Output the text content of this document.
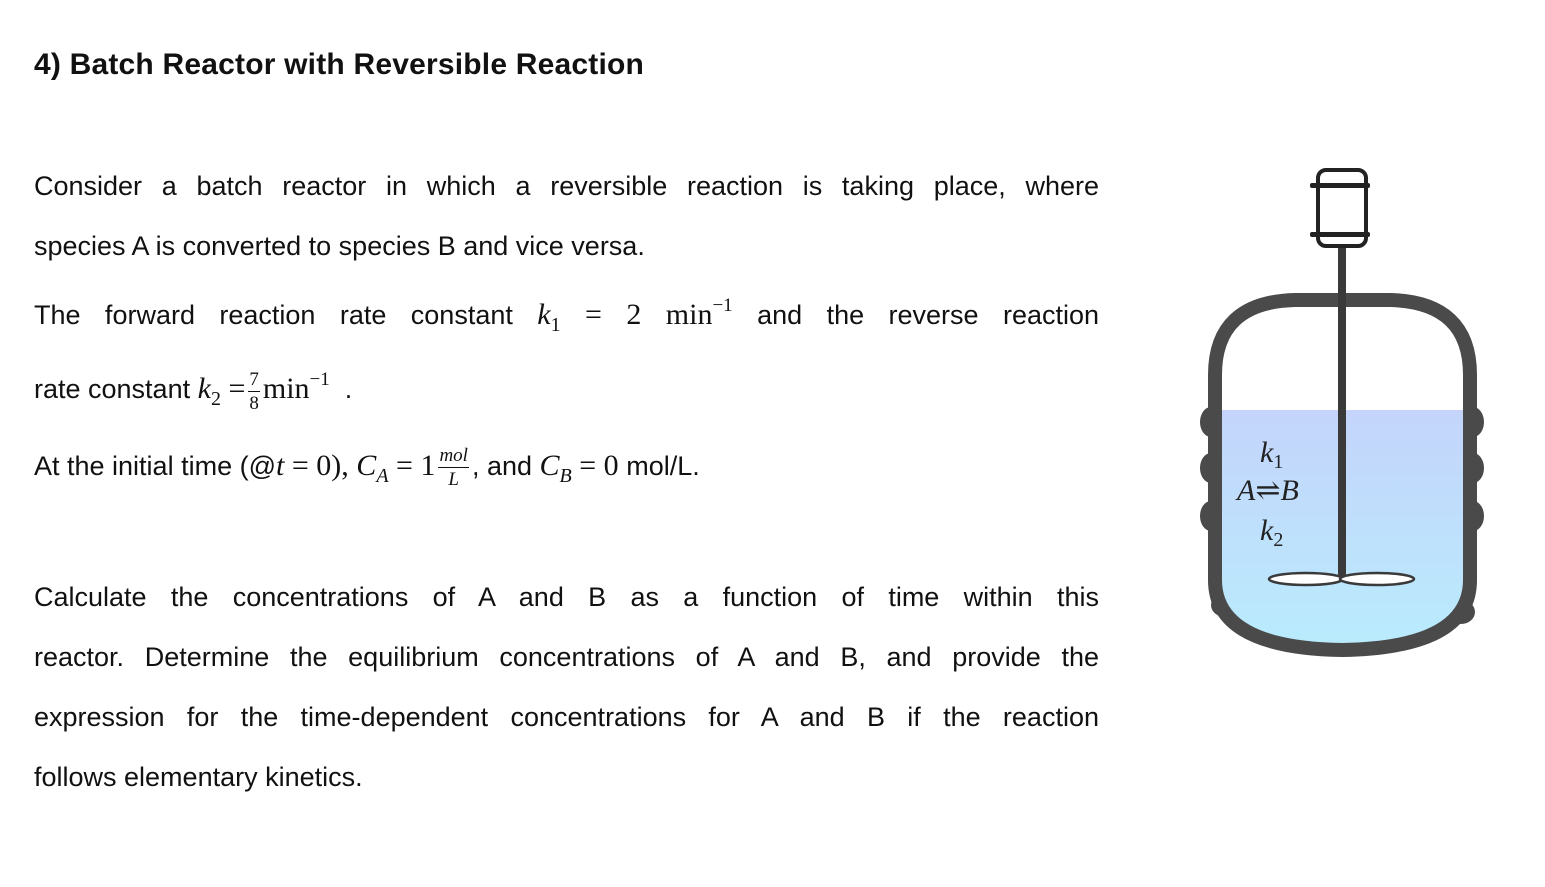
4) Batch Reactor with Reversible Reaction
Consider a batch reactor in which a reversible reaction is taking place, where
species A is converted to species B and vice versa.
The forward reaction rate constant $k_1 = 2$ $\min^{-1}$ and the reverse reaction
rate constant $k_2 = \frac{7}{8} \min^{-1}$ .
At the initial time (@t = 0), $C_A = 1 \frac{\text{mol}}{L}$ , and $C_B = 0$ mol/L.
Calculate the concentrations of A and B as a function of time within this
reactor. Determine the equilibrium concentrations of A and B, and provide the
expression for the time-dependent concentrations for A and B if the reaction
follows elementary kinetics.
$k_1$
A⇌B
$k_2$
